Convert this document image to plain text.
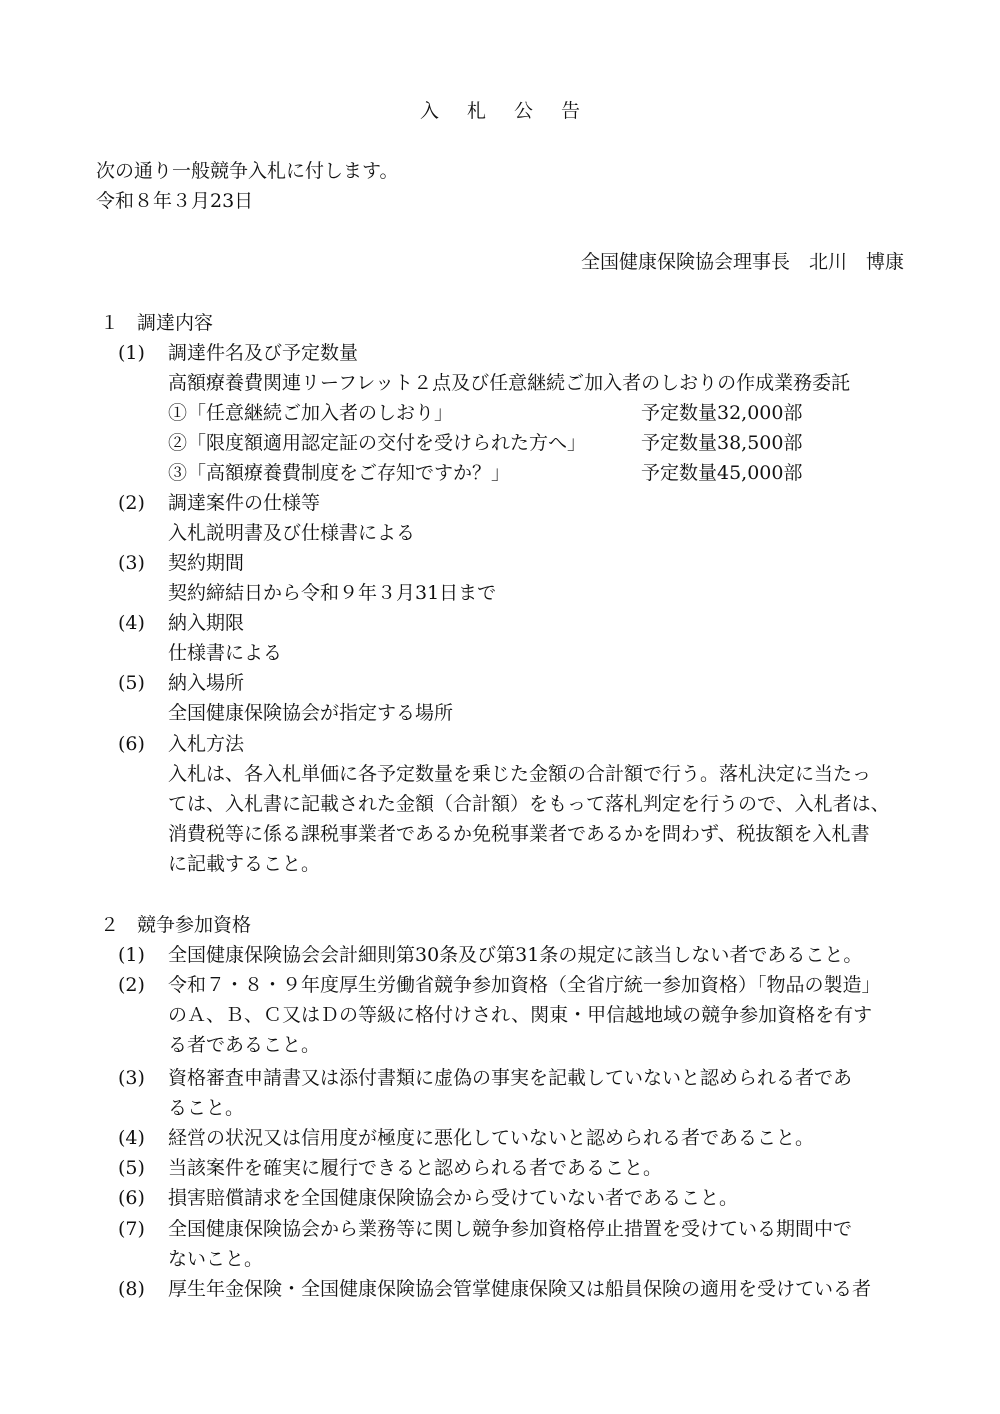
入 札 公 告
次の通り一般競争入札に付します。
令和８年３月23日
全国健康保険協会理事長　北川　博康
１ 調達内容
(1) 調達件名及び予定数量
高額療養費関連リーフレット２点及び任意継続ご加入者のしおりの作成業務委託
①「任意継続ご加入者のしおり」	予定数量32,000部
②「限度額適用認定証の交付を受けられた方へ」	予定数量38,500部
③「高額療養費制度をご存知ですか？」	予定数量45,000部
(2) 調達案件の仕様等
入札説明書及び仕様書による
(3) 契約期間
契約締結日から令和９年３月31日まで
(4) 納入期限
仕様書による
(5) 納入場所
全国健康保険協会が指定する場所
(6) 入札方法
入札は、各入札単価に各予定数量を乗じた金額の合計額で行う。落札決定に当たっ
ては、入札書に記載された金額（合計額）をもって落札判定を行うので、入札者は、
消費税等に係る課税事業者であるか免税事業者であるかを問わず、税抜額を入札書
に記載すること。
２ 競争参加資格
(1) 全国健康保険協会会計細則第30条及び第31条の規定に該当しない者であること。
(2) 令和７・８・９年度厚生労働省競争参加資格（全省庁統一参加資格）「物品の製造」
のＡ、Ｂ、Ｃ又はＤの等級に格付けされ、関東・甲信越地域の競争参加資格を有す
る者であること。
(3) 資格審査申請書又は添付書類に虚偽の事実を記載していないと認められる者であ
ること。
(4) 経営の状況又は信用度が極度に悪化していないと認められる者であること。
(5) 当該案件を確実に履行できると認められる者であること。
(6) 損害賠償請求を全国健康保険協会から受けていない者であること。
(7) 全国健康保険協会から業務等に関し競争参加資格停止措置を受けている期間中で
ないこと。
(8) 厚生年金保険・全国健康保険協会管掌健康保険又は船員保険の適用を受けている者
